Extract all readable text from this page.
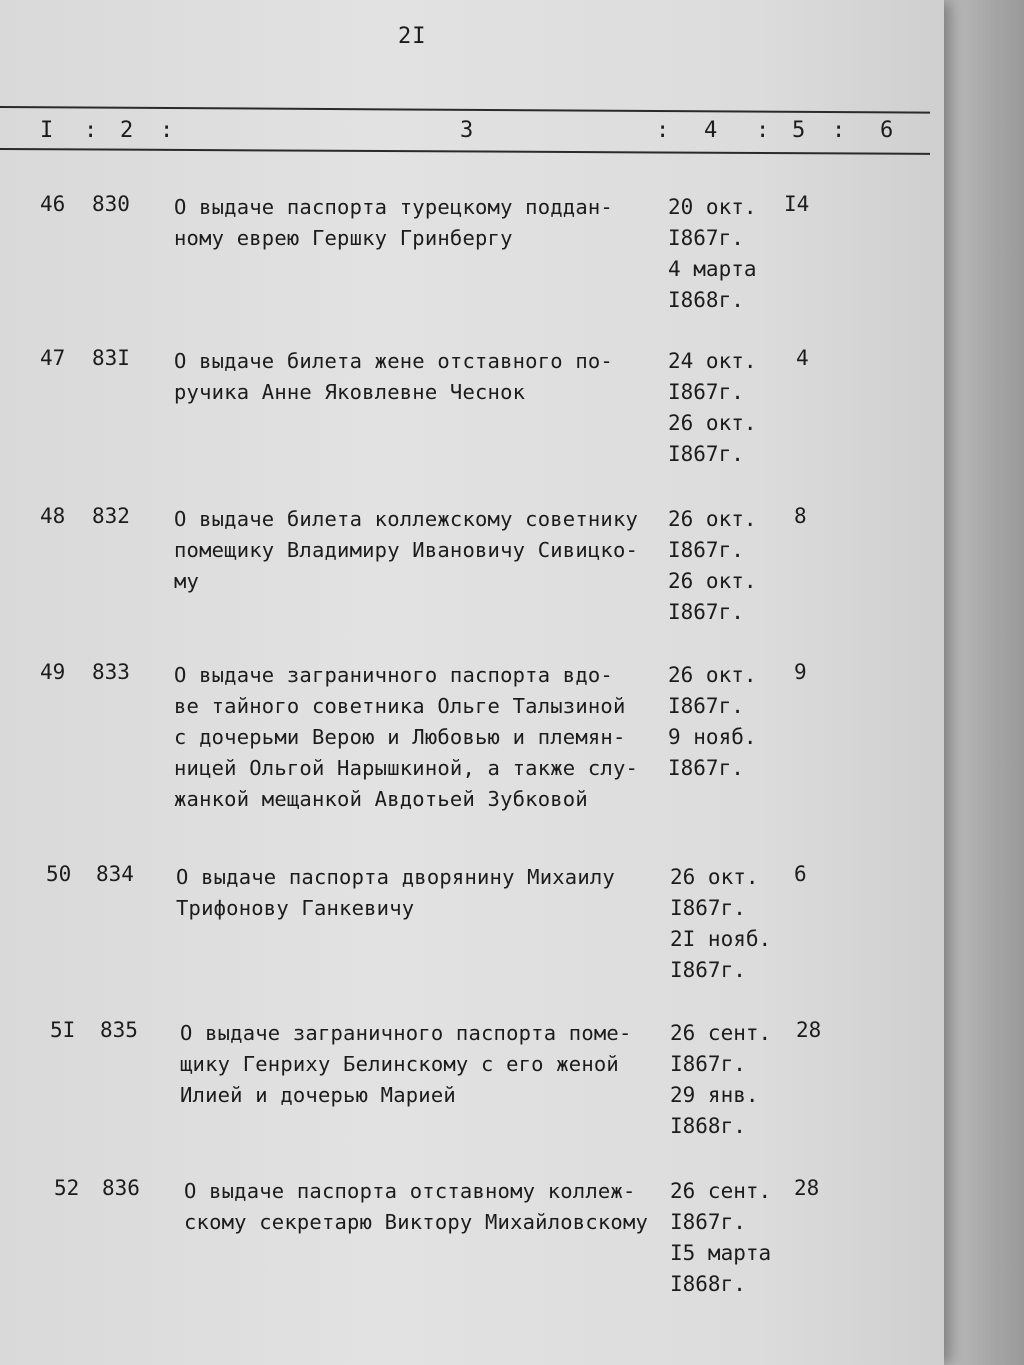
2I
I : 2 :	3	: 4 : 5 : 6
46 830 О выдаче паспорта турецкому поддан-
ному еврею Гершку Гринбергу
20 окт.
I867г.
4 марта
I868г.
I4
47 83I О выдаче билета жене отставного по-
ручика Анне Яковлевне Чеснок
24 окт.
I867г.
26 окт.
I867г.
4
48 832 О выдаче билета коллежскому советнику
помещику Владимиру Ивановичу Сивицко-
му
26 окт.
I867г.
26 окт.
I867г.
8
49 833 О выдаче заграничного паспорта вдо-
ве тайного советника Ольге Талызиной
с дочерьми Верою и Любовью и племян-
ницей Ольгой Нарышкиной, а также слу-
жанкой мещанкой Авдотьей Зубковой
26 окт.
I867г.
9 нояб.
I867г.
9
50 834 О выдаче паспорта дворянину Михаилу
Трифонову Ганкевичу
26 окт.
I867г.
2I нояб.
I867г.
6
5I 835 О выдаче заграничного паспорта поме-
щику Генриху Белинскому с его женой
Илией и дочерью Марией
26 сент.
I867г.
29 янв.
I868г.
28
52 836 О выдаче паспорта отставному коллеж-
скому секретарю Виктору Михайловскому
26 сент.
I867г.
I5 марта
I868г.
28
